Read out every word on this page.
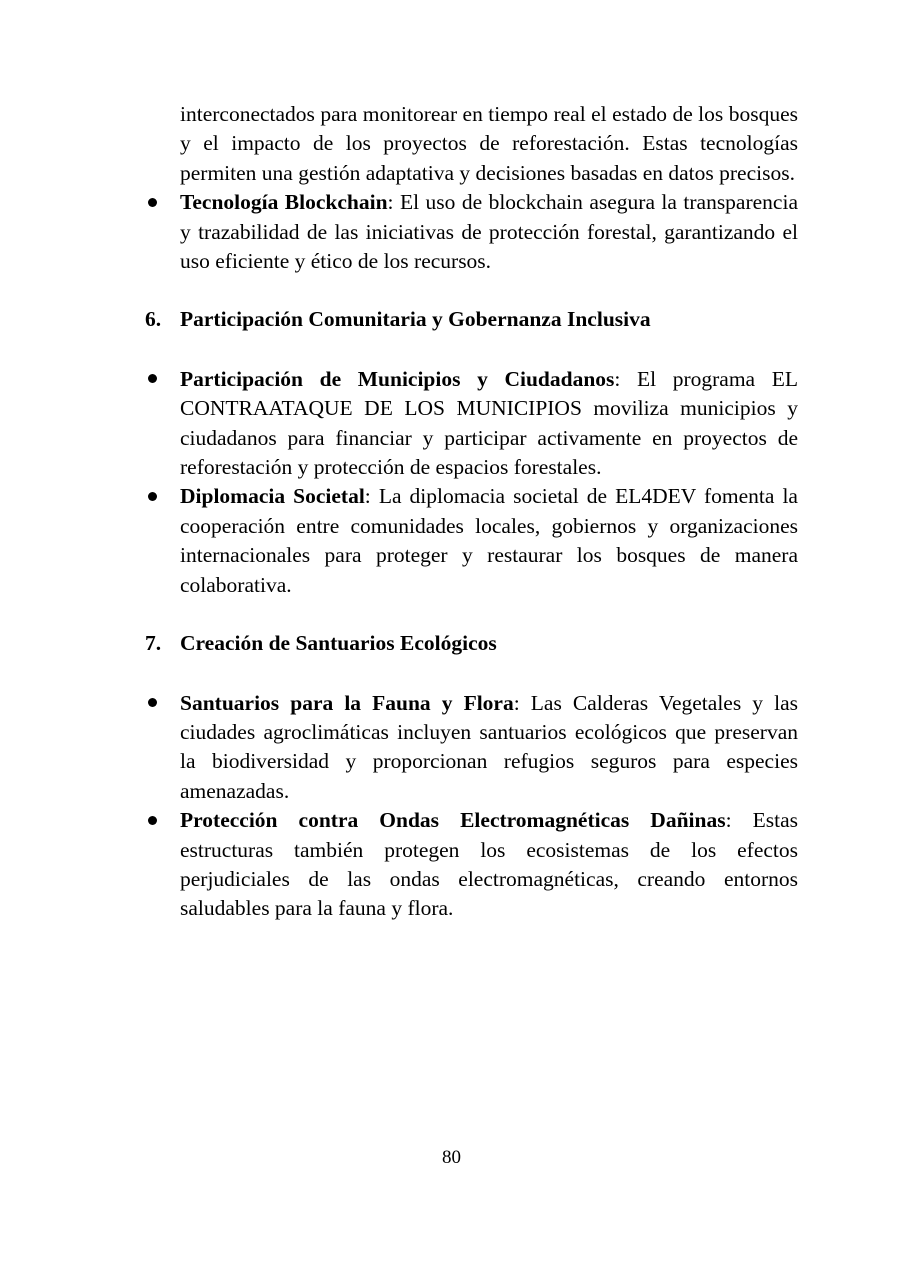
interconectados para monitorear en tiempo real el estado de los bosques y el impacto de los proyectos de reforestación. Estas tecnologías permiten una gestión adaptativa y decisiones basadas en datos precisos.

Tecnología Blockchain: El uso de blockchain asegura la transparencia y trazabilidad de las iniciativas de protección forestal, garantizando el uso eficiente y ético de los recursos.
6. Participación Comunitaria y Gobernanza Inclusiva
Participación de Municipios y Ciudadanos: El programa EL CONTRAATAQUE DE LOS MUNICIPIOS moviliza municipios y ciudadanos para financiar y participar activamente en proyectos de reforestación y protección de espacios forestales.
Diplomacia Societal: La diplomacia societal de EL4DEV fomenta la cooperación entre comunidades locales, gobiernos y organizaciones internacionales para proteger y restaurar los bosques de manera colaborativa.
7. Creación de Santuarios Ecológicos
Santuarios para la Fauna y Flora: Las Calderas Vegetales y las ciudades agroclimáticas incluyen santuarios ecológicos que preservan la biodiversidad y proporcionan refugios seguros para especies amenazadas.
Protección contra Ondas Electromagnéticas Dañinas: Estas estructuras también protegen los ecosistemas de los efectos perjudiciales de las ondas electromagnéticas, creando entornos saludables para la fauna y flora.
80
